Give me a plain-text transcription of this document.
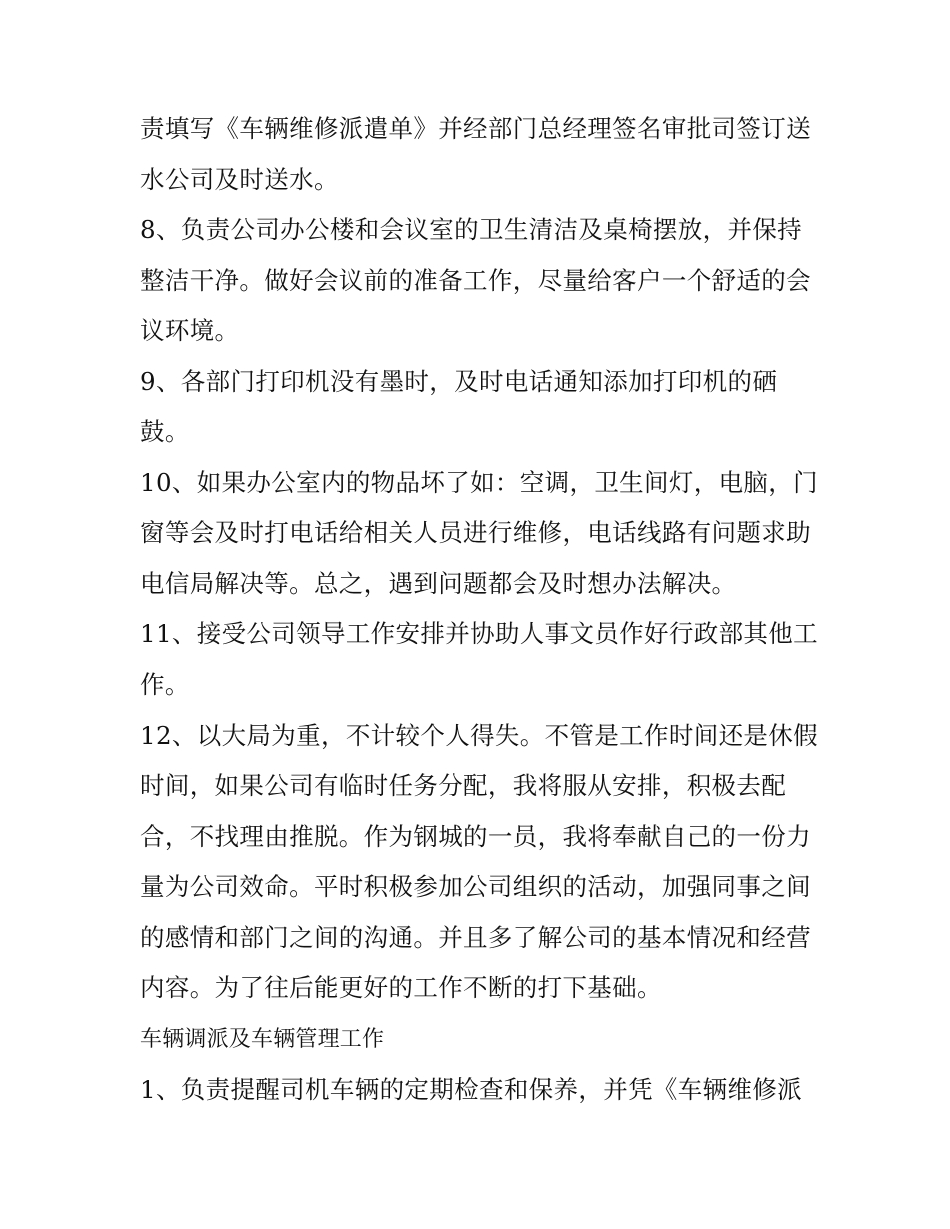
责填写《车辆维修派遣单》并经部门总经理签名审批司签订送
水公司及时送水。
8、负责公司办公楼和会议室的卫生清洁及桌椅摆放，并保持
整洁干净。做好会议前的准备工作，尽量给客户一个舒适的会
议环境。
9、各部门打印机没有墨时，及时电话通知添加打印机的硒
鼓。
10、如果办公室内的物品坏了如：空调，卫生间灯，电脑，门
窗等会及时打电话给相关人员进行维修，电话线路有问题求助
电信局解决等。总之，遇到问题都会及时想办法解决。
11、接受公司领导工作安排并协助人事文员作好行政部其他工
作。
12、以大局为重，不计较个人得失。不管是工作时间还是休假
时间，如果公司有临时任务分配，我将服从安排，积极去配
合，不找理由推脱。作为钢城的一员，我将奉献自己的一份力
量为公司效命。平时积极参加公司组织的活动，加强同事之间
的感情和部门之间的沟通。并且多了解公司的基本情况和经营
内容。为了往后能更好的工作不断的打下基础。
车辆调派及车辆管理工作
1、负责提醒司机车辆的定期检查和保养，并凭《车辆维修派
